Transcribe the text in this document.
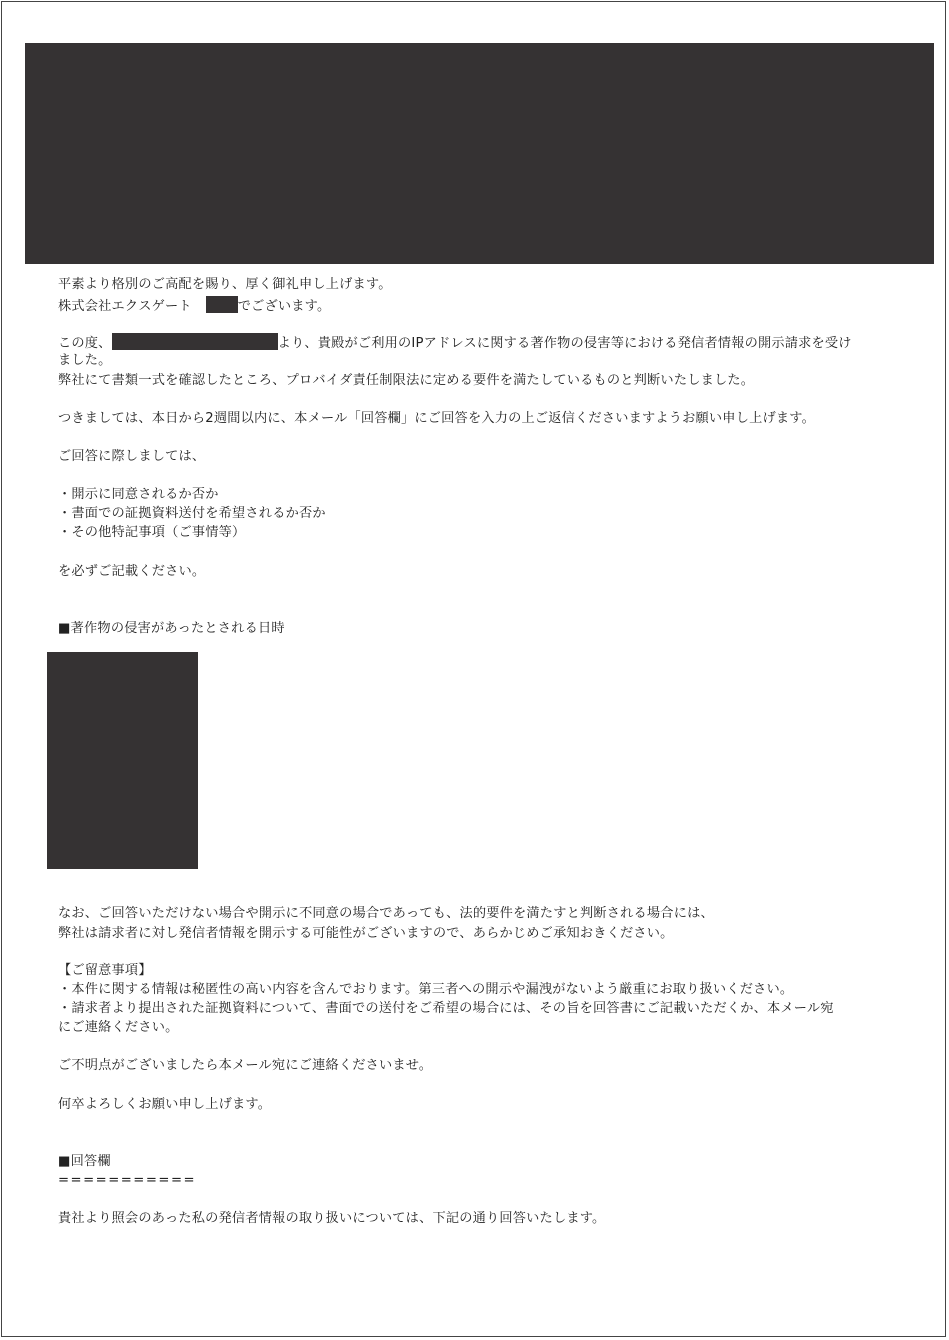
平素より格別のご高配を賜り、厚く御礼申し上げます。
株式会社エクスゲート	でございます。
この度、	より、貴殿がご利用のIPアドレスに関する著作物の侵害等における発信者情報の開示請求を受け
ました。
弊社にて書類一式を確認したところ、プロバイダ責任制限法に定める要件を満たしているものと判断いたしました。
つきましては、本日から2週間以内に、本メール「回答欄」にご回答を入力の上ご返信くださいますようお願い申し上げます。
ご回答に際しましては、
・開示に同意されるか否か
・書面での証拠資料送付を希望されるか否か
・その他特記事項（ご事情等）
を必ずご記載ください。
■著作物の侵害があったとされる日時
なお、ご回答いただけない場合や開示に不同意の場合であっても、法的要件を満たすと判断される場合には、
弊社は請求者に対し発信者情報を開示する可能性がございますので、あらかじめご承知おきください。
【ご留意事項】
・本件に関する情報は秘匿性の高い内容を含んでおります。第三者への開示や漏洩がないよう厳重にお取り扱いください。
・請求者より提出された証拠資料について、書面での送付をご希望の場合には、その旨を回答書にご記載いただくか、本メール宛
にご連絡ください。
ご不明点がございましたら本メール宛にご連絡くださいませ。
何卒よろしくお願い申し上げます。
■回答欄
===========
貴社より照会のあった私の発信者情報の取り扱いについては、下記の通り回答いたします。
